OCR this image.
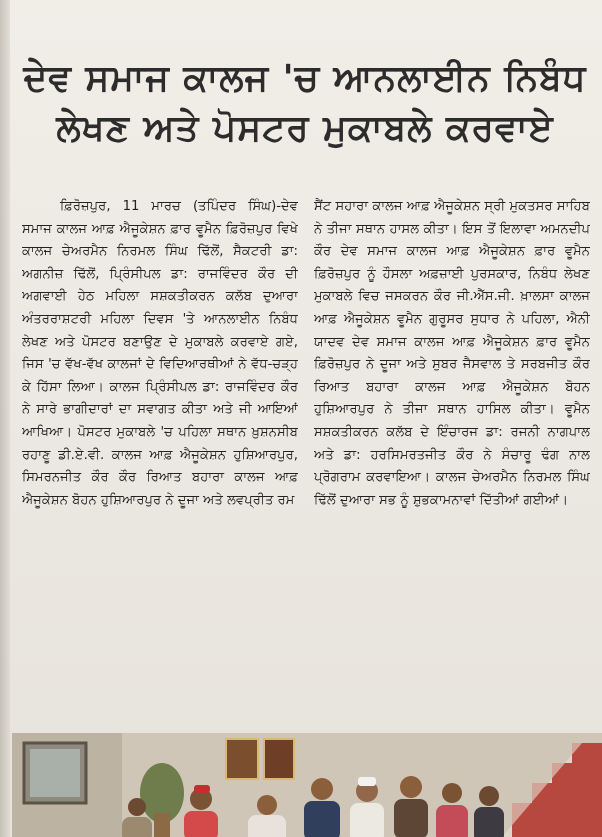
ਦੇਵ ਸਮਾਜ ਕਾਲਜ 'ਚ ਆਨਲਾਈਨ ਨਿਬੰਧ
ਲੇਖਣ ਅਤੇ ਪੋਸਟਰ ਮੁਕਾਬਲੇ ਕਰਵਾਏ

ਫ਼ਿਰੋਜ਼ਪੁਰ, 11 ਮਾਰਚ (ਤਪਿੰਦਰ ਸਿੰਘ)-ਦੇਵ ਸਮਾਜ ਕਾਲਜ ਆਫ਼ ਐਜੂਕੇਸ਼ਨ ਫ਼ਾਰ ਵੂਮੈਨ ਫ਼ਿਰੋਜ਼ਪੁਰ ਵਿਖੇ ਕਾਲਜ ਚੇਅਰਮੈਨ ਨਿਰਮਲ ਸਿੰਘ ਢਿੱਲੋਂ, ਸੈਕਟਰੀ ਡਾ: ਅਗਨੀਜ਼ ਢਿੱਲੋਂ, ਪ੍ਰਿੰਸੀਪਲ ਡਾ: ਰਾਜਵਿੰਦਰ ਕੌਰ ਦੀ ਅਗਵਾਈ ਹੇਠ ਮਹਿਲਾ ਸਸ਼ਕਤੀਕਰਨ ਕਲੱਬ ਦੁਆਰਾ ਅੰਤਰਰਾਸ਼ਟਰੀ ਮਹਿਲਾ ਦਿਵਸ 'ਤੇ ਆਨਲਾਈਨ ਨਿਬੰਧ ਲੇਖਣ ਅਤੇ ਪੋਸਟਰ ਬਣਾਉਣ ਦੇ ਮੁਕਾਬਲੇ ਕਰਵਾਏ ਗਏ, ਜਿਸ 'ਚ ਵੱਖ-ਵੱਖ ਕਾਲਜਾਂ ਦੇ ਵਿਦਿਆਰਥੀਆਂ ਨੇ ਵੱਧ-ਚੜ੍ਹ ਕੇ ਹਿੱਸਾ ਲਿਆ। ਕਾਲਜ ਪ੍ਰਿੰਸੀਪਲ ਡਾ: ਰਾਜਵਿੰਦਰ ਕੌਰ ਨੇ ਸਾਰੇ ਭਾਗੀਦਾਰਾਂ ਦਾ ਸਵਾਗਤ ਕੀਤਾ ਅਤੇ ਜੀ ਆਇਆਂ ਆਖਿਆ। ਪੋਸਟਰ ਮੁਕਾਬਲੇ 'ਚ ਪਹਿਲਾ ਸਥਾਨ ਖ਼ੁਸ਼ਨਸੀਬ ਰਹਾਣੂ ਡੀ.ਏ.ਵੀ. ਕਾਲਜ ਆਫ਼ ਐਜੂਕੇਸ਼ਨ ਹੁਸ਼ਿਆਰਪੁਰ, ਸਿਮਰਨਜੀਤ ਕੌਰ ਕੌਰ ਰਿਆਤ ਬਹਾਰਾ ਕਾਲਜ ਆਫ਼ ਐਜੂਕੇਸ਼ਨ ਬੋਹਨ ਹੁਸ਼ਿਆਰਪੁਰ ਨੇ ਦੂਜਾ ਅਤੇ ਲਵਪ੍ਰੀਤ ਰਮ

ਸੈਂਟ ਸਹਾਰਾ ਕਾਲਜ ਆਫ਼ ਐਜੂਕੇਸ਼ਨ ਸ੍ਰੀ ਮੁਕਤਸਰ ਸਾਹਿਬ ਨੇ ਤੀਜਾ ਸਥਾਨ ਹਾਸਲ ਕੀਤਾ। ਇਸ ਤੋਂ ਇਲਾਵਾ ਅਮਨਦੀਪ ਕੌਰ ਦੇਵ ਸਮਾਜ ਕਾਲਜ ਆਫ਼ ਐਜੂਕੇਸ਼ਨ ਫ਼ਾਰ ਵੂਮੈਨ ਫ਼ਿਰੋਜ਼ਪੁਰ ਨੂੰ ਹੌਸਲਾ ਅਫ਼ਜ਼ਾਈ ਪੁਰਸਕਾਰ, ਨਿਬੰਧ ਲੇਖਣ ਮੁਕਾਬਲੇ ਵਿਚ ਜਸਕਰਨ ਕੌਰ ਜੀ.ਐੱਸ.ਜੀ. ਖ਼ਾਲਸਾ ਕਾਲਜ ਆਫ਼ ਐਜੂਕੇਸ਼ਨ ਵੂਮੈਨ ਗੁਰੂਸਰ ਸੁਧਾਰ ਨੇ ਪਹਿਲਾ, ਐਨੀ ਯਾਦਵ ਦੇਵ ਸਮਾਜ ਕਾਲਜ ਆਫ਼ ਐਜੂਕੇਸ਼ਨ ਫ਼ਾਰ ਵੂਮੈਨ ਫ਼ਿਰੋਜ਼ਪੁਰ ਨੇ ਦੂਜਾ ਅਤੇ ਸੁਬਰ ਜੈਸਵਾਲ ਤੇ ਸਰਬਜੀਤ ਕੌਰ ਰਿਆਤ ਬਹਾਰਾ ਕਾਲਜ ਆਫ਼ ਐਜੂਕੇਸ਼ਨ ਬੋਹਨ ਹੁਸ਼ਿਆਰਪੁਰ ਨੇ ਤੀਜਾ ਸਥਾਨ ਹਾਸਿਲ ਕੀਤਾ। ਵੂਮੈਨ ਸਸ਼ਕਤੀਕਰਨ ਕਲੱਬ ਦੇ ਇੰਚਾਰਜ ਡਾ: ਰਜਨੀ ਨਾਗਪਾਲ ਅਤੇ ਡਾ: ਹਰਸਿਮਰਤਜੀਤ ਕੌਰ ਨੇ ਸੰਚਾਰੂ ਢੰਗ ਨਾਲ ਪ੍ਰੋਗਰਾਮ ਕਰਵਾਇਆ। ਕਾਲਜ ਚੇਅਰਮੈਨ ਨਿਰਮਲ ਸਿੰਘ ਢਿੱਲੋਂ ਦੁਆਰਾ ਸਭ ਨੂੰ ਸ਼ੁਭਕਾਮਨਾਵਾਂ ਦਿੱਤੀਆਂ ਗਈਆਂ।
